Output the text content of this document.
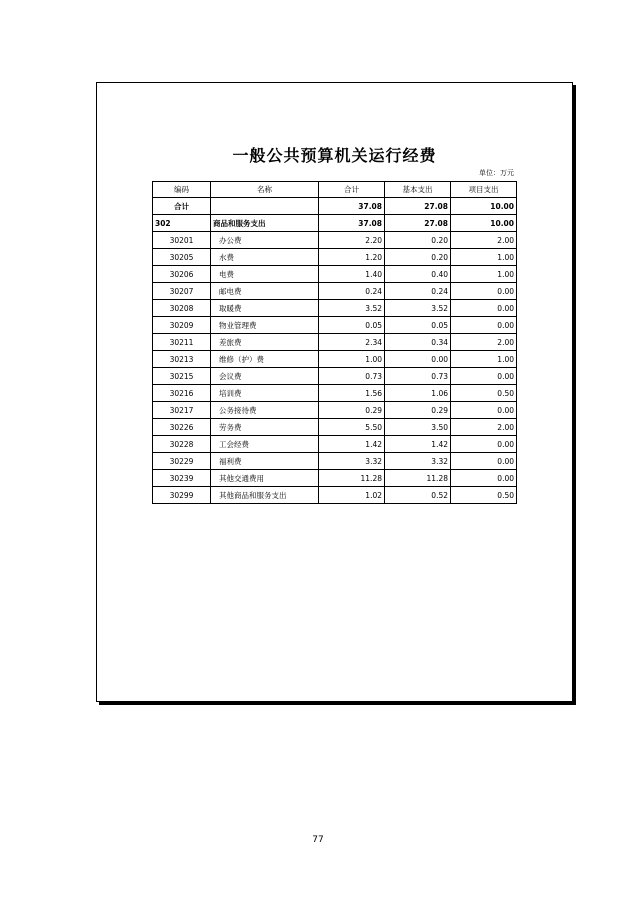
一般公共预算机关运行经费
单位：万元
编码	名称	合计	基本支出	项目支出
合计		37.08	27.08	10.00
302	商品和服务支出	37.08	27.08	10.00
30201	办公费	2.20	0.20	2.00
30205	水费	1.20	0.20	1.00
30206	电费	1.40	0.40	1.00
30207	邮电费	0.24	0.24	0.00
30208	取暖费	3.52	3.52	0.00
30209	物业管理费	0.05	0.05	0.00
30211	差旅费	2.34	0.34	2.00
30213	维修（护）费	1.00	0.00	1.00
30215	会议费	0.73	0.73	0.00
30216	培训费	1.56	1.06	0.50
30217	公务接待费	0.29	0.29	0.00
30226	劳务费	5.50	3.50	2.00
30228	工会经费	1.42	1.42	0.00
30229	福利费	3.32	3.32	0.00
30239	其他交通费用	11.28	11.28	0.00
30299	其他商品和服务支出	1.02	0.52	0.50
77
